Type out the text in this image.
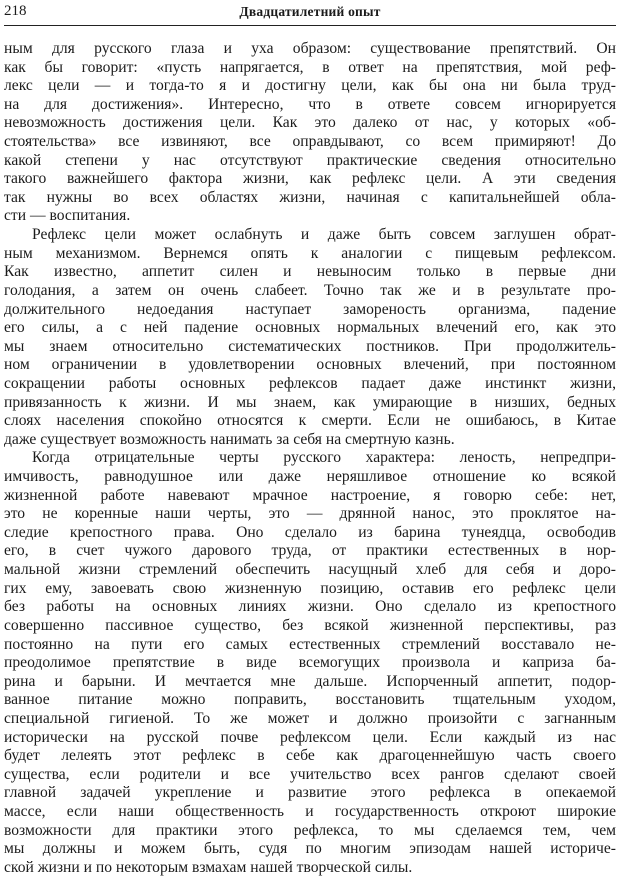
218	Двадцатилетний опыт
ным для русского глаза и уха образом: существование препятствий. Он
как бы говорит: «пусть напрягается, в ответ на препятствия, мой реф-
лекс цели — и тогда-то я и достигну цели, как бы она ни была труд-
на для достижения». Интересно, что в ответе совсем игнорируется
невозможность достижения цели. Как это далеко от нас, у которых «об-
стоятельства» все извиняют, все оправдывают, со всем примиряют! До
какой степени у нас отсутствуют практические сведения относительно
такого важнейшего фактора жизни, как рефлекс цели. А эти сведения
так нужны во всех областях жизни, начиная с капитальнейшей обла-
сти — воспитания.
Рефлекс цели может ослабнуть и даже быть совсем заглушен обрат-
ным механизмом. Вернемся опять к аналогии с пищевым рефлексом.
Как известно, аппетит силен и невыносим только в первые дни
голодания, а затем он очень слабеет. Точно так же и в результате про-
должительного недоедания наступает замореность организма, падение
его силы, а с ней падение основных нормальных влечений его, как это
мы знаем относительно систематических постников. При продолжитель-
ном ограничении в удовлетворении основных влечений, при постоянном
сокращении работы основных рефлексов падает даже инстинкт жизни,
привязанность к жизни. И мы знаем, как умирающие в низших, бедных
слоях населения спокойно относятся к смерти. Если не ошибаюсь, в Китае
даже существует возможность нанимать за себя на смертную казнь.
Когда отрицательные черты русского характера: леность, непредпри-
имчивость, равнодушное или даже неряшливое отношение ко всякой
жизненной работе навевают мрачное настроение, я говорю себе: нет,
это не коренные наши черты, это — дрянной нанос, это проклятое на-
следие крепостного права. Оно сделало из барина тунеядца, освободив
его, в счет чужого дарового труда, от практики естественных в нор-
мальной жизни стремлений обеспечить насущный хлеб для себя и доро-
гих ему, завоевать свою жизненную позицию, оставив его рефлекс цели
без работы на основных линиях жизни. Оно сделало из крепостного
совершенно пассивное существо, без всякой жизненной перспективы, раз
постоянно на пути его самых естественных стремлений восставало не-
преодолимое препятствие в виде всемогущих произвола и каприза ба-
рина и барыни. И мечтается мне дальше. Испорченный аппетит, подор-
ванное питание можно поправить, восстановить тщательным уходом,
специальной гигиеной. То же может и должно произойти с загнанным
исторически на русской почве рефлексом цели. Если каждый из нас
будет лелеять этот рефлекс в себе как драгоценнейшую часть своего
существа, если родители и все учительство всех рангов сделают своей
главной задачей укрепление и развитие этого рефлекса в опекаемой
массе, если наши общественность и государственность откроют широкие
возможности для практики этого рефлекса, то мы сделаемся тем, чем
мы должны и можем быть, судя по многим эпизодам нашей историче-
ской жизни и по некоторым взмахам нашей творческой силы.
